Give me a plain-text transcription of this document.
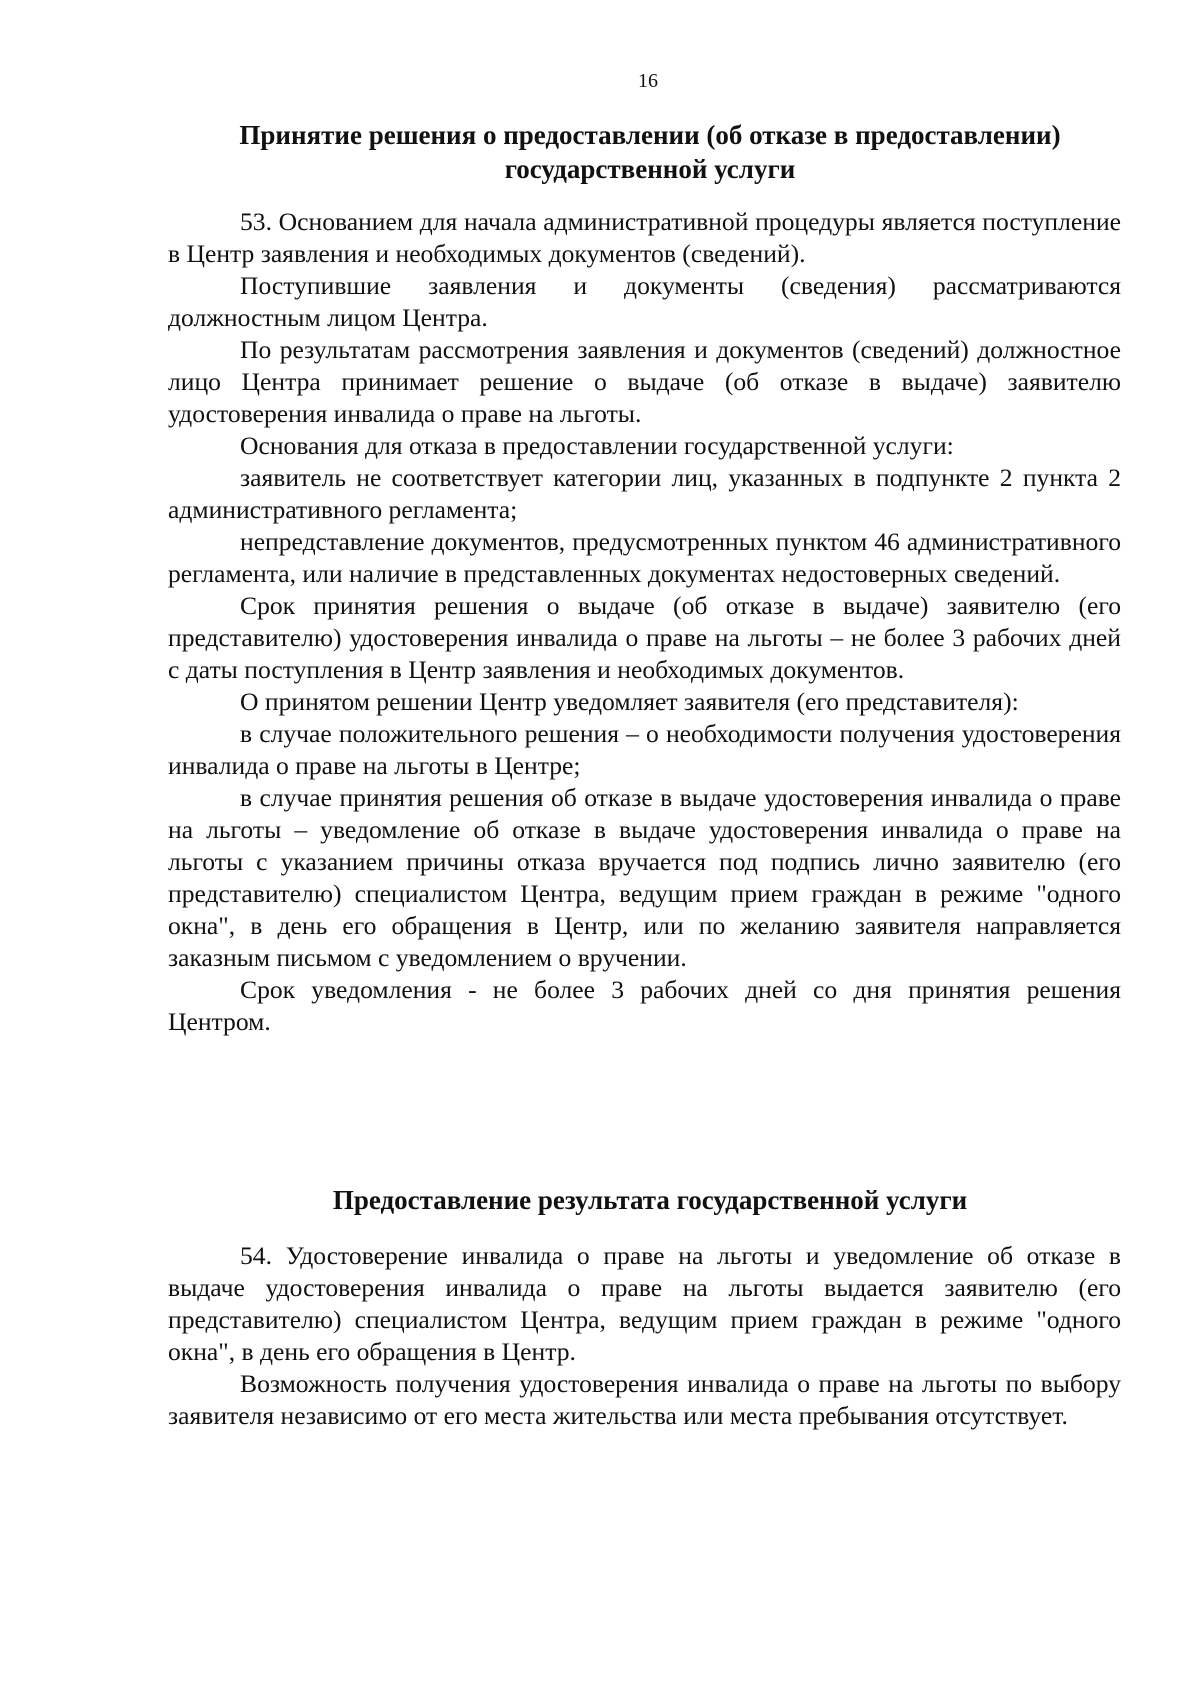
16
Принятие решения о предоставлении (об отказе в предоставлении)
государственной услуги

53. Основанием для начала административной процедуры является поступление в Центр заявления и необходимых документов (сведений).

Поступившие заявления и документы (сведения) рассматриваются должностным лицом Центра.

По результатам рассмотрения заявления и документов (сведений) должностное лицо Центра принимает решение о выдаче (об отказе в выдаче) заявителю удостоверения инвалида о праве на льготы.

Основания для отказа в предоставлении государственной услуги:

заявитель не соответствует категории лиц, указанных в подпункте 2 пункта 2 административного регламента;

непредставление документов, предусмотренных пунктом 46 административного регламента, или наличие в представленных документах недостоверных сведений.

Срок принятия решения о выдаче (об отказе в выдаче) заявителю (его представителю) удостоверения инвалида о праве на льготы – не более 3 рабочих дней с даты поступления в Центр заявления и необходимых документов.

О принятом решении Центр уведомляет заявителя (его представителя):

в случае положительного решения – о необходимости получения удостоверения инвалида о праве на льготы в Центре;

в случае принятия решения об отказе в выдаче удостоверения инвалида о праве на льготы – уведомление об отказе в выдаче удостоверения инвалида о праве на льготы с указанием причины отказа вручается под подпись лично заявителю (его представителю) специалистом Центра, ведущим прием граждан в режиме "одного окна", в день его обращения в Центр, или по желанию заявителя направляется заказным письмом с уведомлением о вручении.

Срок уведомления - не более 3 рабочих дней со дня принятия решения Центром.

Предоставление результата государственной услуги

54. Удостоверение инвалида о праве на льготы и уведомление об отказе в выдаче удостоверения инвалида о праве на льготы выдается заявителю (его представителю) специалистом Центра, ведущим прием граждан в режиме "одного окна", в день его обращения в Центр.

Возможность получения удостоверения инвалида о праве на льготы по выбору заявителя независимо от его места жительства или места пребывания отсутствует.
